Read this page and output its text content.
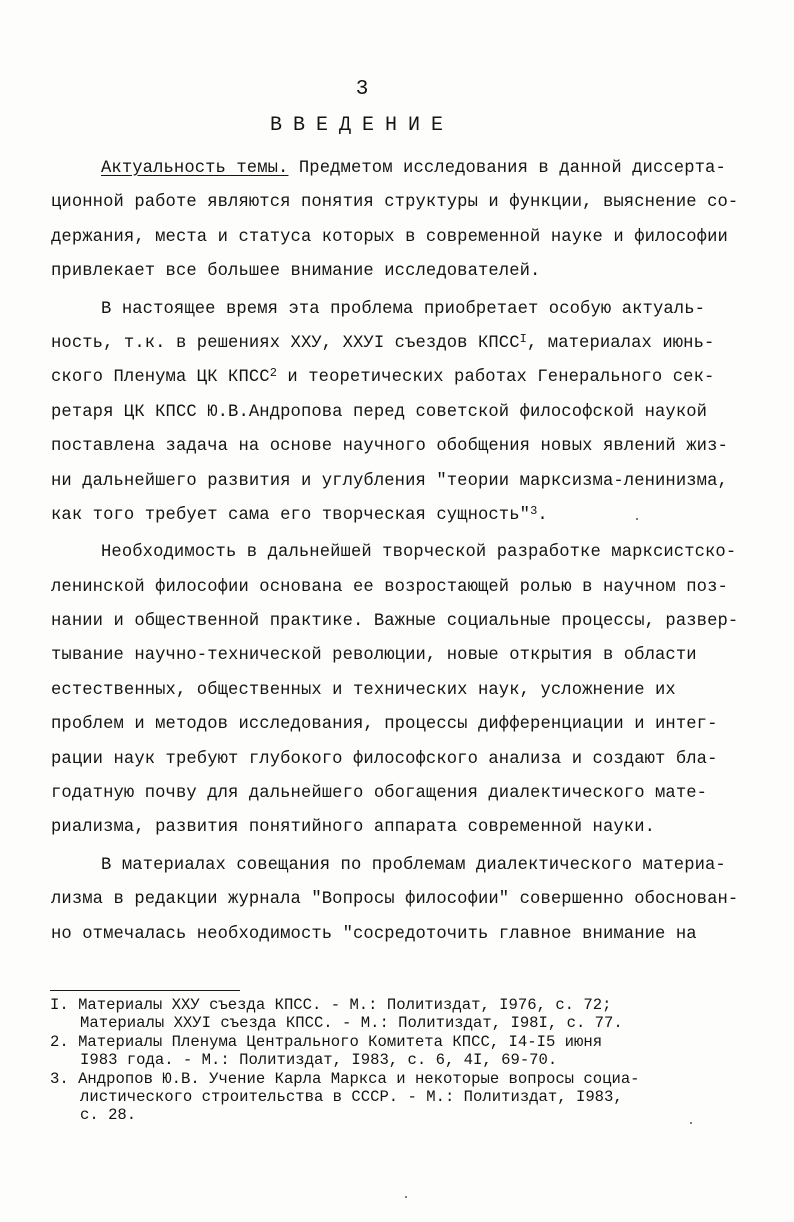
3
ВВЕДЕНИЕ
Актуальность темы. Предметом исследования в данной диссерта-
ционной работе являются понятия структуры и функции, выяснение со-
держания, места и статуса которых в современной науке и философии
привлекает все большее внимание исследователей.
В настоящее время эта проблема приобретает особую актуаль-
ность, т.к. в решениях XXУ, XXУI съездов $КПСС^I$, материалах июнь-
ского Пленума ЦК КПСС$^2$ и теоретических работах Генерального сек-
ретаря ЦК КПСС Ю.В.Андропова перед советской философской наукой
поставлена задача на основе научного обобщения новых явлений жиз-
ни дальнейшего развития и углубления "теории марксизма-ленинизма,
как того требует сама его творческая сущность"$^3$.
Необходимость в дальнейшей творческой разработке марксистско-
ленинской философии основана ее возростающей ролью в научном поз-
нании и общественной практике. Важные социальные процессы, развер-
тывание научно-технической революции, новые открытия в области
естественных, общественных и технических наук, усложнение их
проблем и методов исследования, процессы дифференциации и интег-
рации наук требуют глубокого философского анализа и создают бла-
годатную почву для дальнейшего обогащения диалектического мате-
риализма, развития понятийного аппарата современной науки.
В материалах совещания по проблемам диалектического материа-
лизма в редакции журнала "Вопросы философии" совершенно обоснован-
но отмечалась необходимость "сосредоточить главное внимание на
I. Материалы XXУ съезда КПСС. - М.: Политиздат, I976, с. 72;
Материалы XXУI съезда КПСС. - М.: Политиздат, I98I, с. 77.
2. Материалы Пленума Центрального Комитета КПСС, I4-I5 июня
I983 года. - М.: Политиздат, I983, с. 6, 4I, 69-70.
3. Андропов Ю.В. Учение Карла Маркса и некоторые вопросы социа-
листического строительства в СССР. - М.: Политиздат, I983,
с. 28.
